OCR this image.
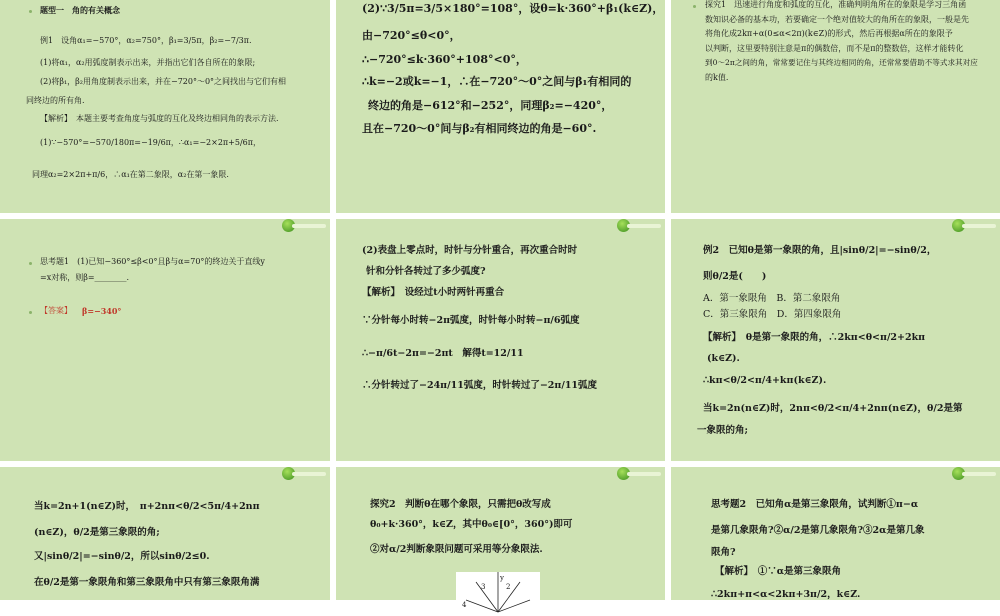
题型一　角的有关概念
例1　设角α₁=−570°，α₂=750°，β₁=3/5π，β₂=−7/3π.
(1)将α₁，α₂用弧度制表示出来，并指出它们各自所在的象限;
(2)将β₁，β₂用角度制表示出来，并在−720°～0°之间找出与它们有相
同终边的所有角.
【解析】　本题主要考查角度与弧度的互化及终边相同角的表示方法.
(1)∵−570°=−570/180π=−19/6π，∴α₁=−2×2π+5/6π，
同理α₂=2×2π+π/6，∴α₁在第二象限，α₂在第一象限.
(2)∵3/5π=3/5×180°=108°，设θ=k·360°+β₁(k∈Z)，
由−720°≤θ<0°，
∴−720°≤k·360°+108°<0°，
∴k=−2或k=−1，∴在−720°～0°之间与β₁有相同的
终边的角是−612°和−252°，同理β₂=−420°，
且在−720～0°间与β₂有相同终边的角是−60°.
探究1　迅速进行角度和弧度的互化，准确判明角所在的象限是学习三角函
数知识必备的基本功，若要确定一个绝对值较大的角所在的象限，一般是先
将角化成2kπ+α(0≤α<2π)(k∈Z)的形式，然后再根据α所在的象限予
以判断，这里要特别注意是π的偶数倍，而不是π的整数倍，这样才能转化
到0～2π之间的角，常常要记住与其终边相同的角，还常常要借助不等式求其对应
的k值.
思考题1　(1)已知−360°≤β<0°且β与α=70°的终边关于直线y
=x对称，则β=________.
【答案】 β=−340°
(2)表盘上零点时，时针与分针重合，再次重合时时
针和分针各转过了多少弧度?
【解析】　设经过t小时两针再重合
∵分针每小时转−2π弧度，时针每小时转−π/6弧度
∴−π/6t−2π=−2πt　解得t=12/11
∴分针转过了−24π/11弧度，时针转过了−2π/11弧度
例2　已知θ是第一象限的角，且|sinθ/2|=−sinθ/2，
则θ/2是(　　)
A．第一象限角　B．第二象限角
C．第三象限角　D．第四象限角
【解析】　θ是第一象限的角，∴2kπ<θ<π/2+2kπ
(k∈Z).
∴kπ<θ/2<π/4+kπ(k∈Z).
当k=2n(n∈Z)时，2nπ<θ/2<π/4+2nπ(n∈Z)，θ/2是第
一象限的角;
当k=2n+1(n∈Z)时，　π+2nπ<θ/2<5π/4+2nπ
(n∈Z)，θ/2是第三象限的角;
又|sinθ/2|=−sinθ/2，所以sinθ/2≤0.
在θ/2是第一象限角和第三象限角中只有第三象限角满
探究2　判断θ在哪个象限，只需把θ改写成
θ₀+k·360°，k∈Z，其中θ₀∈[0°，360°)即可
②对α/2判断象限问题可采用等分象限法.
y
3	2
4
思考题2　已知角α是第三象限角，试判断①π−α
是第几象限角?②α/2是第几象限角?③2α是第几象
限角?
【解析】　①∵α是第三象限角
∴2kπ+π<α<2kπ+3π/2，k∈Z.
